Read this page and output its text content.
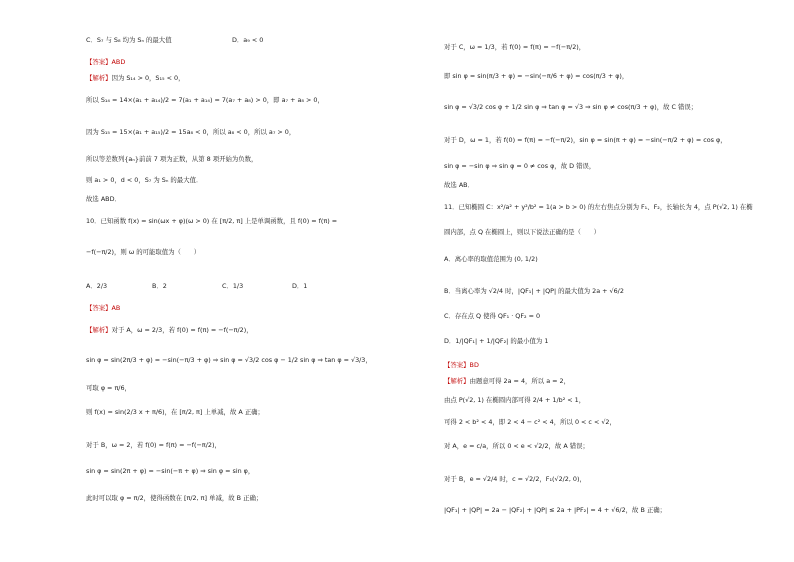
C．S₇ 与 S₈ 均为 Sₙ 的最大值	D．a₉ < 0
【答案】ABD
【解析】因为 S₁₄ > 0，S₁₅ < 0，
所以 S₁₄ = 14×(a₁ + a₁₄)/2 = 7(a₁ + a₁₄) = 7(a₇ + a₈) > 0，即 a₇ + a₈ > 0，
因为 S₁₅ = 15×(a₁ + a₁₅)/2 = 15a₈ < 0，所以 a₈ < 0，所以 a₇ > 0，
所以等差数列{aₙ}前前 7 项为正数，从第 8 项开始为负数，
则 a₁ > 0，d < 0，S₇ 为 Sₙ 的最大值．
故选 ABD．
10．已知函数 f(x) = sin(ωx + φ)(ω > 0) 在 [π/2, π] 上是单调函数，且 f(0) = f(π) =
−f(−π/2)，则 ω 的可能取值为（　　）
A．2/3	B．2	C．1/3	D．1
【答案】AB
【解析】对于 A，ω = 2/3，若 f(0) = f(π) = −f(−π/2)，
sin φ = sin(2π/3 + φ) = −sin(−π/3 + φ) ⇒ sin φ = √3/2 cos φ − 1/2 sin φ ⇒ tan φ = √3/3，
可取 φ = π/6，
则 f(x) = sin(2/3 x + π/6)，在 [π/2, π] 上单减，故 A 正确；
对于 B，ω = 2，若 f(0) = f(π) = −f(−π/2)，
sin φ = sin(2π + φ) = −sin(−π + φ) ⇒ sin φ = sin φ，
此时可以取 φ = π/2，使得函数在 [π/2, π] 单减，故 B 正确；
对于 C，ω = 1/3，若 f(0) = f(π) = −f(−π/2)，
即 sin φ = sin(π/3 + φ) = −sin(−π/6 + φ) = cos(π/3 + φ)，
sin φ = √3/2 cos φ + 1/2 sin φ ⇒ tan φ = √3 ⇒ sin φ ≠ cos(π/3 + φ)，故 C 错误；
对于 D，ω = 1，若 f(0) = f(π) = −f(−π/2)，sin φ = sin(π + φ) = −sin(−π/2 + φ) = cos φ，
sin φ = −sin φ ⇒ sin φ = 0 ≠ cos φ，故 D 错误，
故选 AB．
11．已知椭圆 C：x²/a² + y²/b² = 1(a > b > 0) 的左右焦点分别为 F₁、F₂，长轴长为 4，点 P(√2, 1) 在椭
圆内部，点 Q 在椭圆上，则以下说法正确的是（　　）
A．离心率的取值范围为 (0, 1/2)
B．当离心率为 √2/4 时，|QF₁| + |QP| 的最大值为 2a + √6/2
C．存在点 Q 使得 QF₁ · QF₂ = 0
D．1/|QF₁| + 1/|QF₂| 的最小值为 1
【答案】BD
【解析】由题意可得 2a = 4，所以 a = 2，
由点 P(√2, 1) 在椭圆内部可得 2/4 + 1/b² < 1，
可得 2 < b² < 4，即 2 < 4 − c² < 4，所以 0 < c < √2，
对 A，e = c/a，所以 0 < e < √2/2，故 A 错误；
对于 B，e = √2/4 时，c = √2/2，F₁(√2/2, 0)，
|QF₁| + |QP| = 2a − |QF₂| + |QP| ≤ 2a + |PF₂| = 4 + √6/2，故 B 正确；
